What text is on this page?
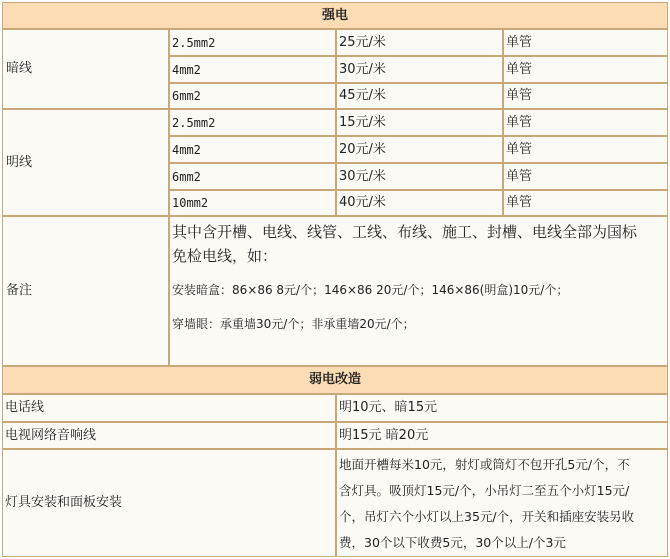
强电
暗线
2.5mm2	25元/米	单管
4mm2	30元/米	单管
6mm2	45元/米	单管
明线
2.5mm2	15元/米	单管
4mm2	20元/米	单管
6mm2	30元/米	单管
10mm2	40元/米	单管
备注

其中含开槽、电线、线管、工线、布线、施工、封槽、电线全部为国标

免检电线，如：

安装暗盒：86×86 8元/个；146×86 20元/个；146×86(明盒)10元/个；

穿墙眼：承重墙30元/个；非承重墙20元/个；

弱电改造
电话线	明10元、暗15元
电视网络音响线	明15元 暗20元
灯具安装和面板安装

地面开槽每米10元，射灯或筒灯不包开孔5元/个，不

含灯具。吸顶灯15元/个，小吊灯二至五个小灯15元/

个，吊灯六个小灯以上35元/个，开关和插座安装另收

费，30个以下收费5元，30个以上/个3元
